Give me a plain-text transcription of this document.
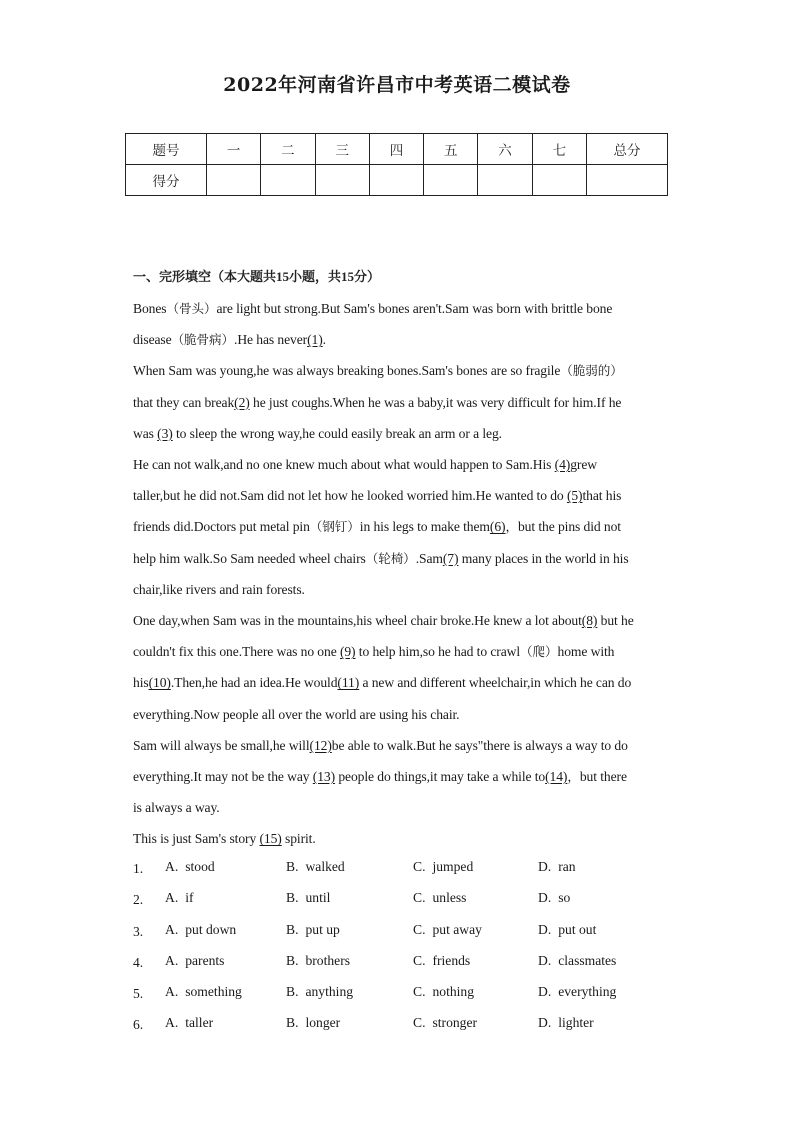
2022年河南省许昌市中考英语二模试卷
题号	一	二	三	四	五	六	七	总分
得分								
一、完形填空（本大题共15小题，共15分）

Bones（骨头）are light but strong.But Sam's bones aren't.Sam was born with brittle bone

disease（脆骨病）.He has never(1).

When Sam was young,he was always breaking bones.Sam's bones are so fragile（脆弱的）

that they can break(2) he just coughs.When he was a baby,it was very difficult for him.If he

was (3) to sleep the wrong way,he could easily break an arm or a leg.

He can not walk,and no one knew much about what would happen to Sam.His (4)grew

taller,but he did not.Sam did not let how he looked worried him.He wanted to do (5)that his

friends did.Doctors put metal pin（钢钉）in his legs to make them(6)，but the pins did not

help him walk.So Sam needed wheel chairs（轮椅）.Sam(7) many places in the world in his

chair,like rivers and rain forests.

One day,when Sam was in the mountains,his wheel chair broke.He knew a lot about(8) but he

couldn't fix this one.There was no one (9) to help him,so he had to crawl（爬）home with

his(10).Then,he had an idea.He would(11) a new and different wheelchair,in which he can do

everything.Now people all over the world are using his chair.

Sam will always be small,he will(12)be able to walk.But he says"there is always a way to do

everything.It may not be the way (13) people do things,it may take a while to(14)，but there

is always a way.

This is just Sam's story (15) spirit.

1. A. stood	B. walked	C. jumped	D. ran
2. A. if	B. until	C. unless	D. so
3. A. put down	B. put up	C. put away	D. put out
4. A. parents	B. brothers	C. friends	D. classmates
5. A. something	B. anything	C. nothing	D. everything
6. A. taller	B. longer	C. stronger	D. lighter
